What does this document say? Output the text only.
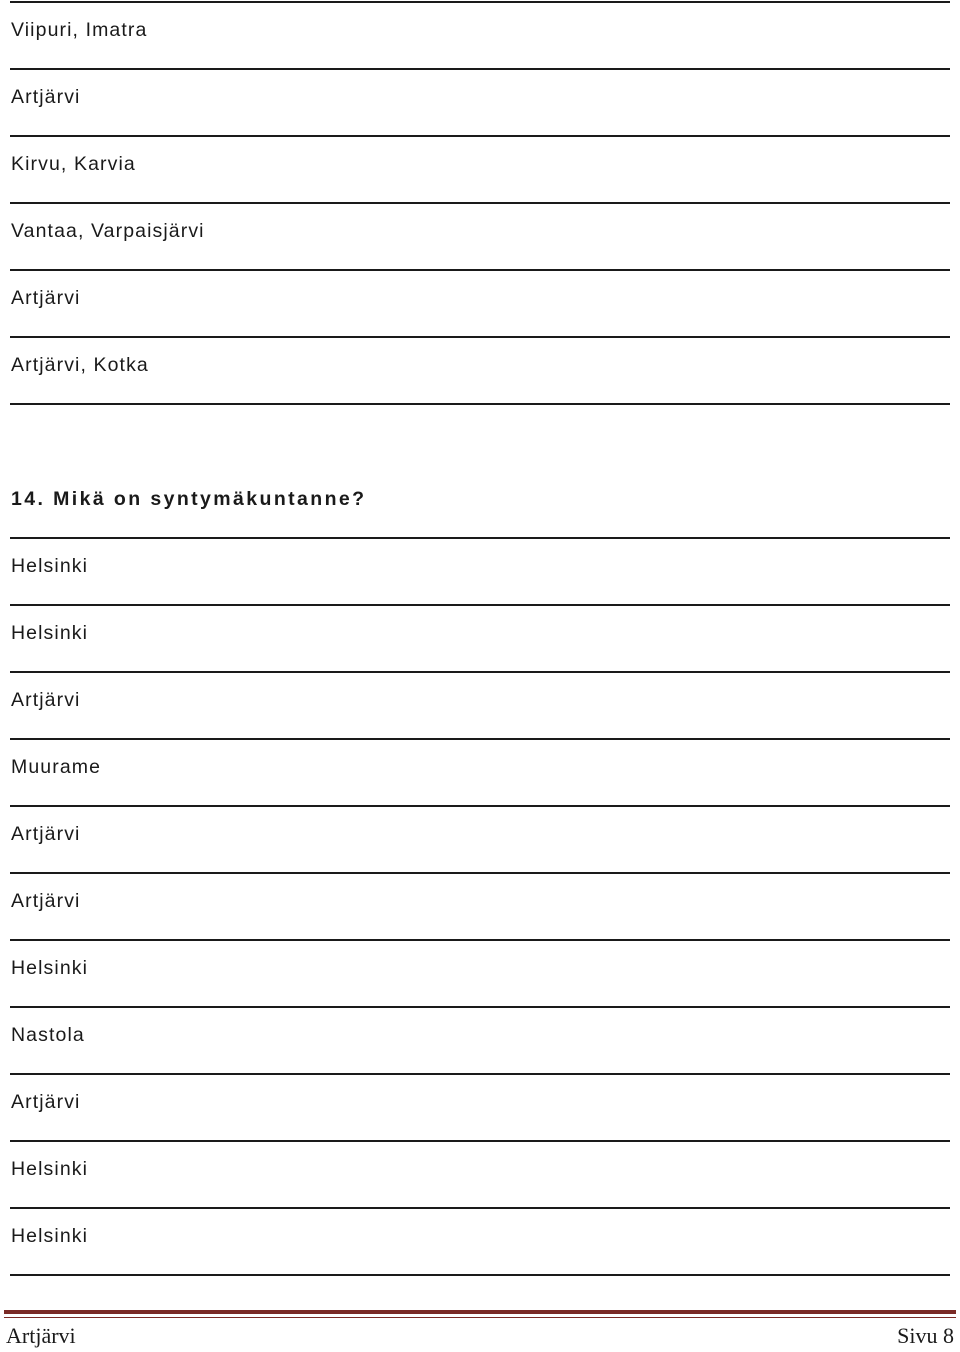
Viipuri, Imatra
Artjärvi
Kirvu, Karvia
Vantaa, Varpaisjärvi
Artjärvi
Artjärvi, Kotka
14. Mikä on syntymäkuntanne?
Helsinki
Helsinki
Artjärvi
Muurame
Artjärvi
Artjärvi
Helsinki
Nastola
Artjärvi
Helsinki
Helsinki
Artjärvi	Sivu 8
